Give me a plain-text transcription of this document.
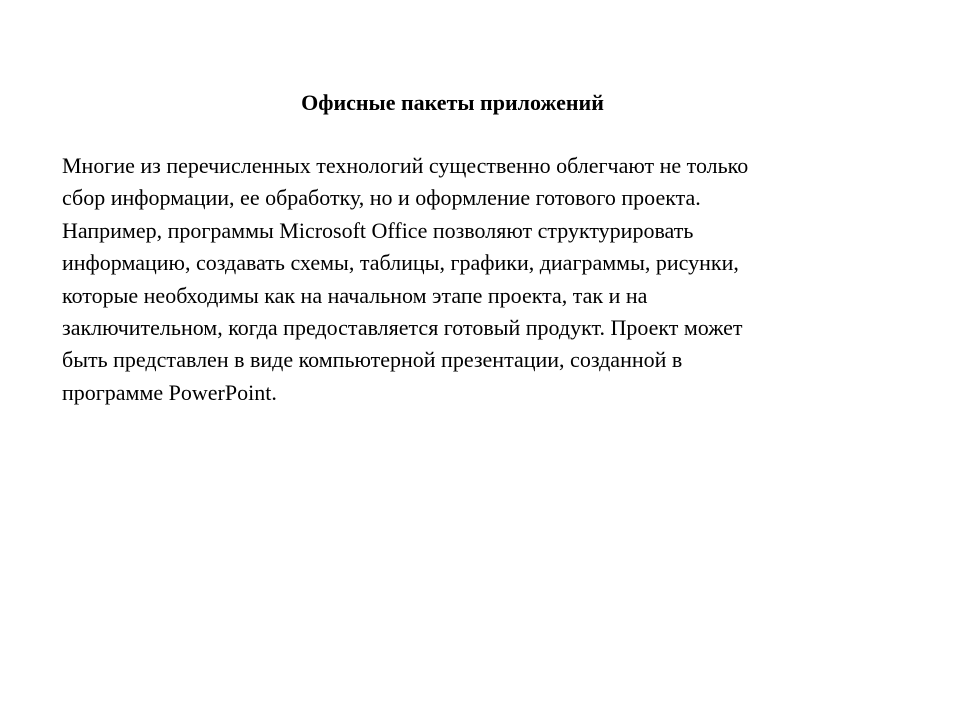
Офисные пакеты приложений

Многие из перечисленных технологий существенно облегчают не только
сбор информации, ее обработку, но и оформление готового проекта.
Например, программы Microsoft Office позволяют структурировать
информацию, создавать схемы, таблицы, графики, диаграммы, рисунки,
которые необходимы как на начальном этапе проекта, так и на
заключительном, когда предоставляется готовый продукт. Проект может
быть представлен в виде компьютерной презентации, созданной в
программе PowerPoint.
